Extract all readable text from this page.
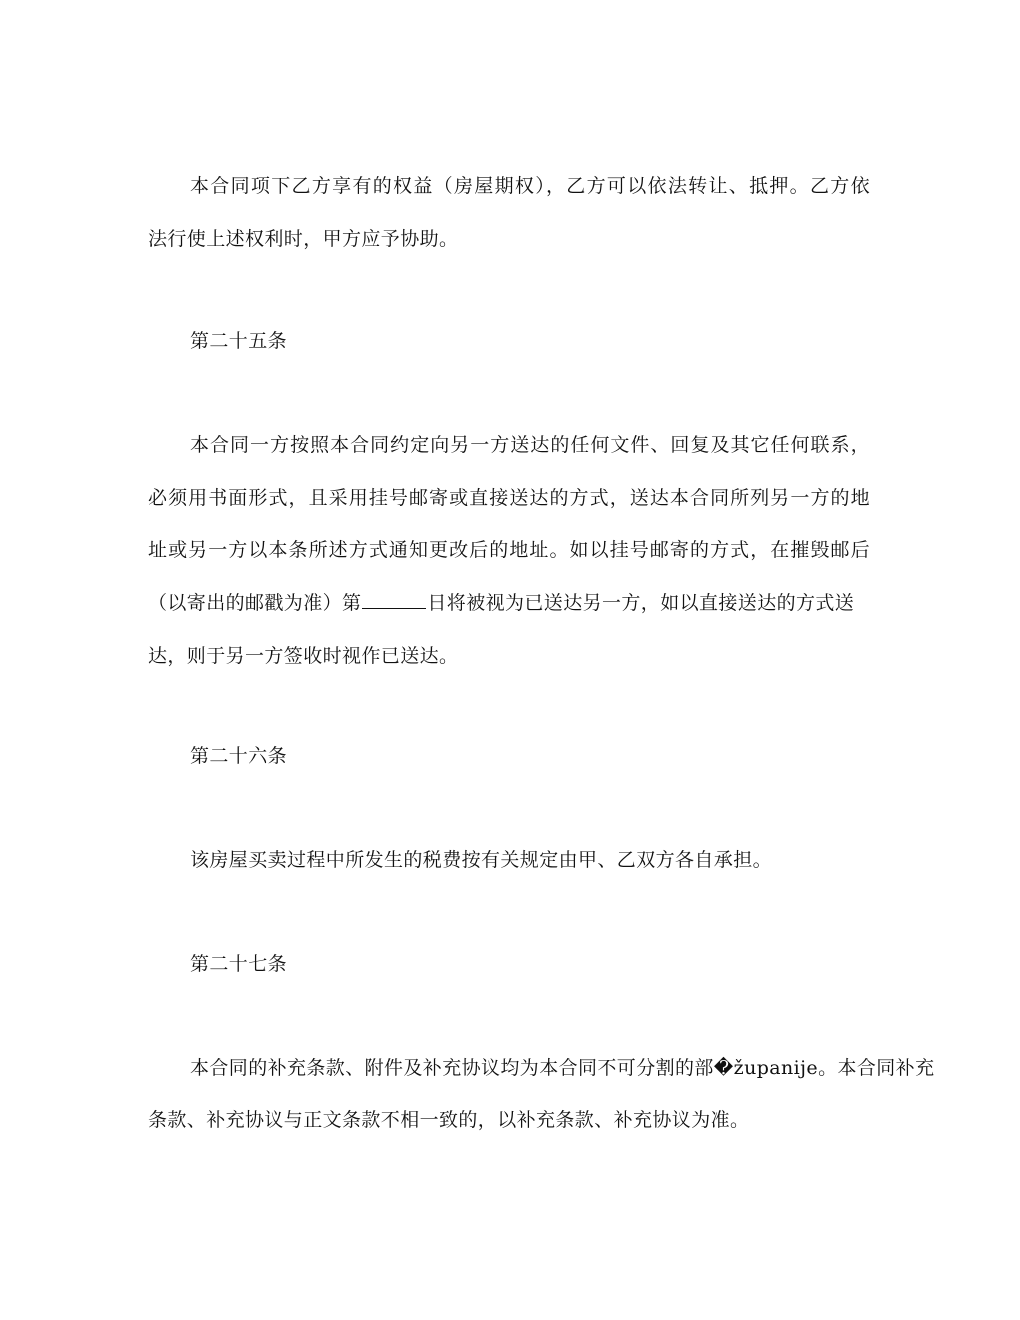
本合同项下乙方享有的权益（房屋期权），乙方可以依法转让、抵押。乙方依
法行使上述权利时，甲方应予协助。
第二十五条
本合同一方按照本合同约定向另一方送达的任何文件、回复及其它任何联系，
必须用书面形式，且采用挂号邮寄或直接送达的方式，送达本合同所列另一方的地
址或另一方以本条所述方式通知更改后的地址。如以挂号邮寄的方式，在摧毁邮后
（以寄出的邮戳为准）第	日将被视为已送达另一方，如以直接送达的方式送
达，则于另一方签收时视作已送达。
第二十六条
该房屋买卖过程中所发生的税费按有关规定由甲、乙双方各自承担。
第二十七条
本合同的补充条款、附件及补充协议均为本合同不可分割的部�županije。本合同补充
条款、补充协议与正文条款不相一致的，以补充条款、补充协议为准。
